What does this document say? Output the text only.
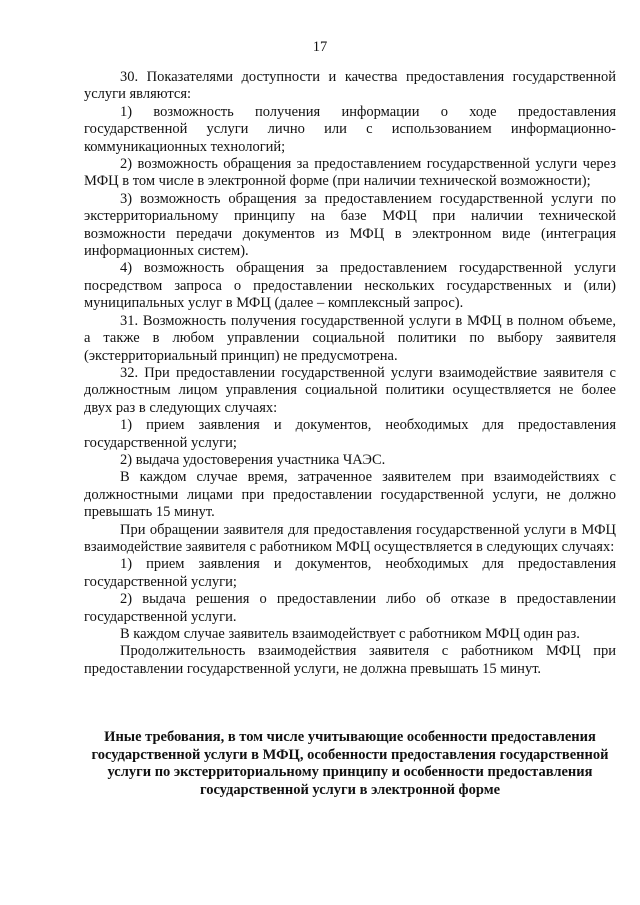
17

30. Показателями доступности и качества предоставления государственной услуги являются:

1) возможность получения информации о ходе предоставления государственной услуги лично или с использованием информационно-коммуникационных технологий;

2) возможность обращения за предоставлением государственной услуги через МФЦ в том числе в электронной форме (при наличии технической возможности);

3) возможность обращения за предоставлением государственной услуги по экстерриториальному принципу на базе МФЦ при наличии технической возможности передачи документов из МФЦ в электронном виде (интеграция информационных систем).

4) возможность обращения за предоставлением государственной услуги посредством запроса о предоставлении нескольких государственных и (или) муниципальных услуг в МФЦ (далее – комплексный запрос).

31. Возможность получения государственной услуги в МФЦ в полном объеме, а также в любом управлении социальной политики по выбору заявителя (экстерриториальный принцип) не предусмотрена.

32. При предоставлении государственной услуги взаимодействие заявителя с должностным лицом управления социальной политики осуществляется не более двух раз в следующих случаях:

1) прием заявления и документов, необходимых для предоставления государственной услуги;

2) выдача удостоверения участника ЧАЭС.

В каждом случае время, затраченное заявителем при взаимодействиях с должностными лицами при предоставлении государственной услуги, не должно превышать 15 минут.

При обращении заявителя для предоставления государственной услуги в МФЦ взаимодействие заявителя с работником МФЦ осуществляется в следующих случаях:

1) прием заявления и документов, необходимых для предоставления государственной услуги;

2) выдача решения о предоставлении либо об отказе в предоставлении государственной услуги.

В каждом случае заявитель взаимодействует с работником МФЦ один раз.

Продолжительность взаимодействия заявителя с работником МФЦ при предоставлении государственной услуги, не должна превышать 15 минут.

Иные требования, в том числе учитывающие особенности предоставления государственной услуги в МФЦ, особенности предоставления государственной услуги по экстерриториальному принципу и особенности предоставления государственной услуги в электронной форме
